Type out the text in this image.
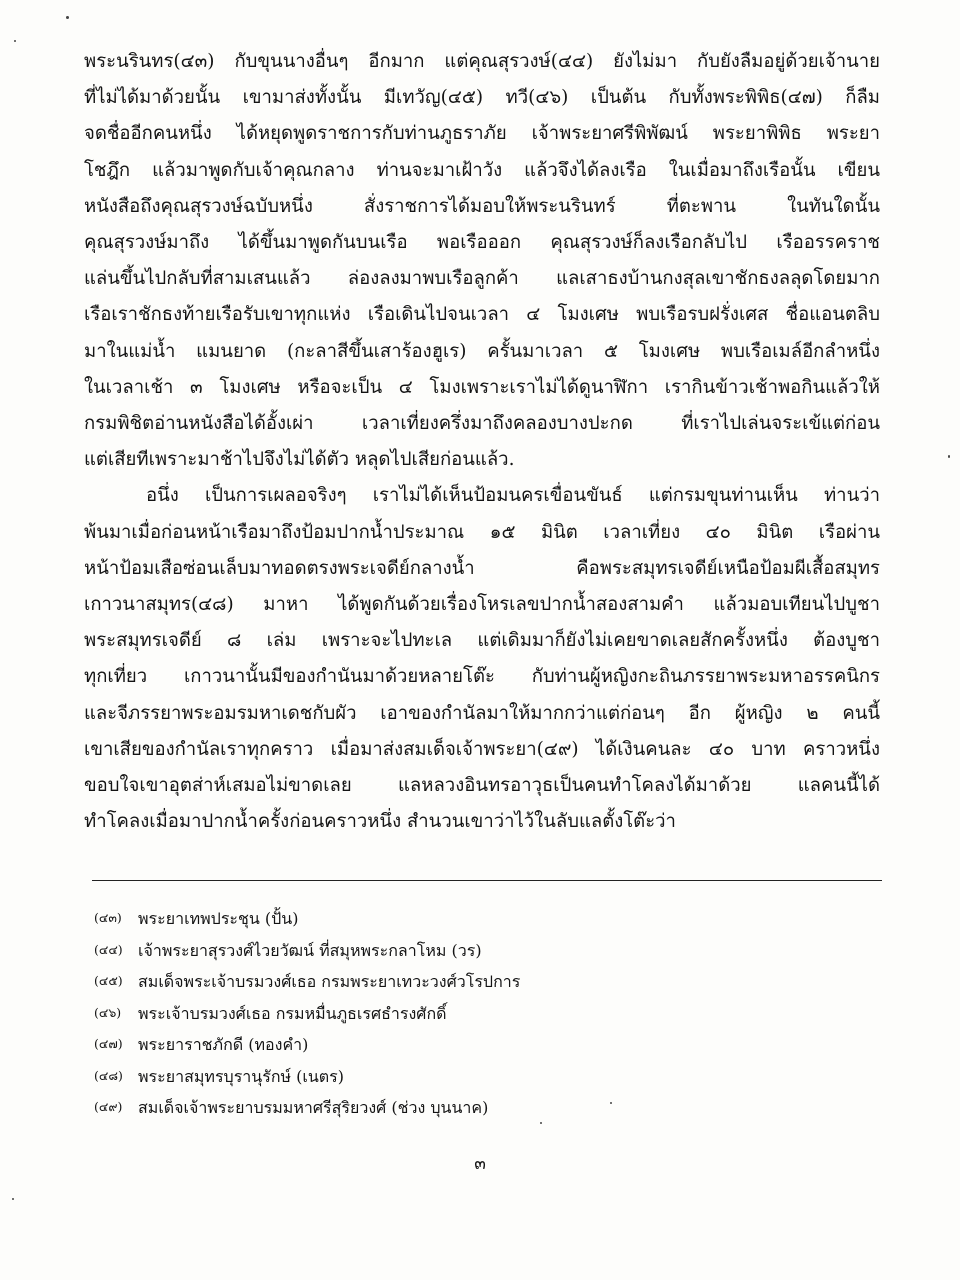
พระนรินทร(๔๓) กับขุนนางอื่นๆ อีกมาก แต่คุณสุรวงษ์(๔๔) ยังไม่มา กับยังลืมอยู่ด้วยเจ้านาย
ที่ไม่ได้มาด้วยนั้น เขามาส่งทั้งนั้น มีเทวัญ(๔๕) ทวี(๔๖) เป็นต้น กับทั้งพระพิพิธ(๔๗) ก็ลืม
จดชื่ออีกคนหนึ่ง ได้หยุดพูดราชการกับท่านภูธราภัย เจ้าพระยาศรีพิพัฒน์ พระยาพิพิธ พระยา
โชฎึก แล้วมาพูดกับเจ้าคุณกลาง ท่านจะมาเฝ้าวัง แล้วจึงได้ลงเรือ ในเมื่อมาถึงเรือนั้น เขียน
หนังสือถึงคุณสุรวงษ์ฉบับหนึ่ง สั่งราชการได้มอบให้พระนรินทร์ ที่ตะพาน ในทันใดนั้น
คุณสุรวงษ์มาถึง ได้ขึ้นมาพูดกันบนเรือ พอเรือออก คุณสุรวงษ์ก็ลงเรือกลับไป เรืออรรคราช
แล่นขึ้นไปกลับที่สามเสนแล้ว ล่องลงมาพบเรือลูกค้า แลเสาธงบ้านกงสุลเขาชักธงลลุดโดยมาก
เรือเราชักธงท้ายเรือรับเขาทุกแห่ง เรือเดินไปจนเวลา ๔ โมงเศษ พบเรือรบฝรั่งเศส ชื่อแอนตลิบ
มาในแม่น้ำ แมนยาด (กะลาสีขึ้นเสาร้องฮูเร) ครั้นมาเวลา ๕ โมงเศษ พบเรือเมล์อีกลำหนึ่ง
ในเวลาเช้า ๓ โมงเศษ หรือจะเป็น ๔ โมงเพราะเราไม่ได้ดูนาฬิกา เรากินข้าวเช้าพอกินแล้วให้
กรมพิชิตอ่านหนังสือได้อั้งเผ่า เวลาเที่ยงครึ่งมาถึงคลองบางปะกด ที่เราไปเล่นจระเข้แต่ก่อน
แต่เสียทีเพราะมาช้าไปจึงไม่ได้ตัว หลุดไปเสียก่อนแล้ว.
อนึ่ง เป็นการเผลอจริงๆ เราไม่ได้เห็นป้อมนครเขื่อนขันธ์ แต่กรมขุนท่านเห็น ท่านว่า
พ้นมาเมื่อก่อนหน้าเรือมาถึงป้อมปากน้ำประมาณ ๑๕ มินิต เวลาเที่ยง ๔๐ มินิต เรือผ่าน
หน้าป้อมเสือซ่อนเล็บมาทอดตรงพระเจดีย์กลางน้ำ คือพระสมุทรเจดีย์เหนือป้อมผีเสื้อสมุทร
เกาวนาสมุทร(๔๘) มาหา ได้พูดกันด้วยเรื่องโหรเลขปากน้ำสองสามคำ แล้วมอบเทียนไปบูชา
พระสมุทรเจดีย์ ๘ เล่ม เพราะจะไปทะเล แต่เดิมมาก็ยังไม่เคยขาดเลยสักครั้งหนึ่ง ต้องบูชา
ทุกเที่ยว เกาวนานั้นมีของกำนันมาด้วยหลายโต๊ะ กับท่านผู้หญิงกะถินภรรยาพระมหาอรรคนิกร
และจีภรรยาพระอมรมหาเดชกับผัว เอาของกำนัลมาให้มากกว่าแต่ก่อนๆ อีก ผู้หญิง ๒ คนนี้
เขาเสียของกำนัลเราทุกคราว เมื่อมาส่งสมเด็จเจ้าพระยา(๔๙) ได้เงินคนละ ๔๐ บาท คราวหนึ่ง
ขอบใจเขาอุตส่าห์เสมอไม่ขาดเลย แลหลวงอินทรอาวุธเป็นคนทำโคลงได้มาด้วย แลคนนี้ได้
ทำโคลงเมื่อมาปากน้ำครั้งก่อนคราวหนึ่ง สำนวนเขาว่าไว้ในลับแลตั้งโต๊ะว่า
(๔๓) พระยาเทพประชุน (ปั้น)
(๔๔) เจ้าพระยาสุรวงศ์ไวยวัฒน์ ที่สมุหพระกลาโหม (วร)
(๔๕) สมเด็จพระเจ้าบรมวงศ์เธอ กรมพระยาเทวะวงศ์วโรปการ
(๔๖) พระเจ้าบรมวงศ์เธอ กรมหมื่นภูธเรศธำรงศักดิ์
(๔๗) พระยาราชภักดี (ทองคำ)
(๔๘) พระยาสมุทรบุรานุรักษ์ (เนตร)
(๔๙) สมเด็จเจ้าพระยาบรมมหาศรีสุริยวงศ์ (ช่วง บุนนาค)
๓
